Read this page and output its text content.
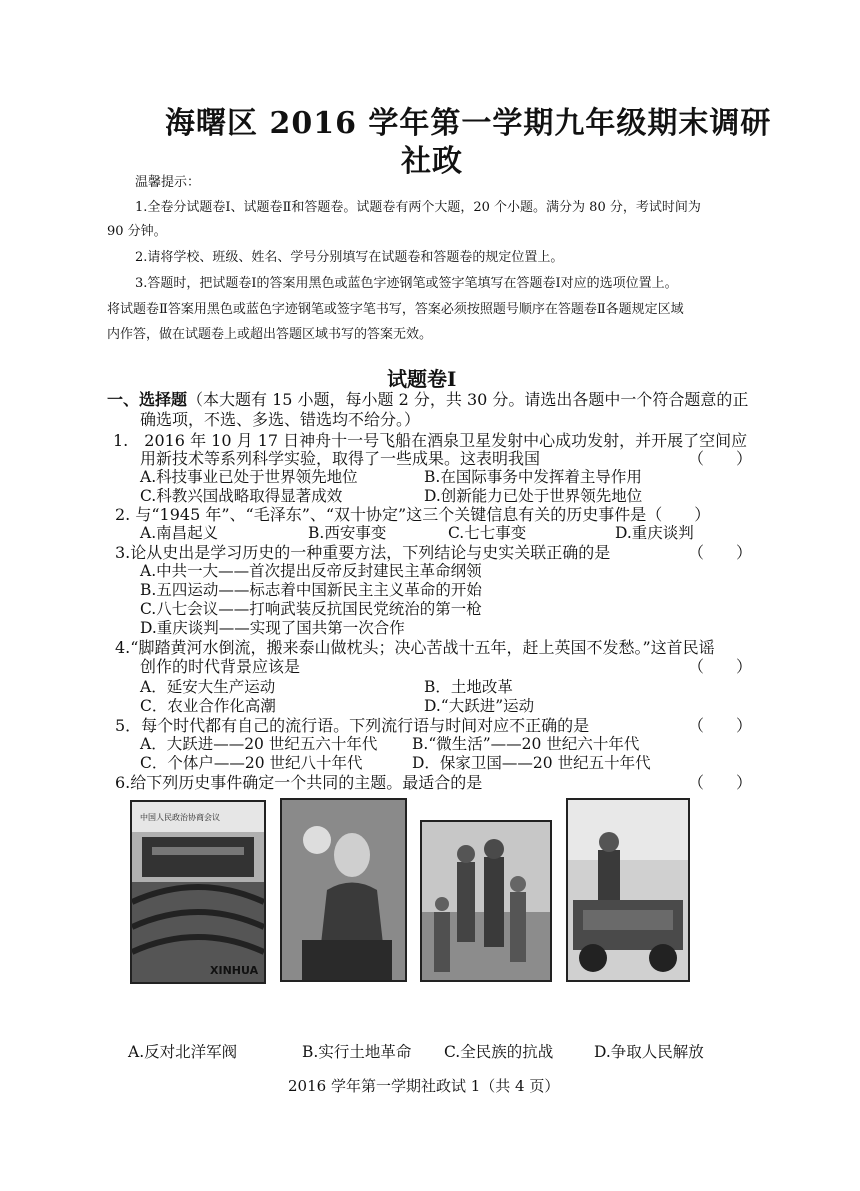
海曙区 2016 学年第一学期九年级期末调研
社政
温馨提示：
1.全卷分试题卷Ⅰ、试题卷Ⅱ和答题卷。试题卷有两个大题，20 个小题。满分为 80 分，考试时间为
90 分钟。
2.请将学校、班级、姓名、学号分别填写在试题卷和答题卷的规定位置上。
3.答题时，把试题卷Ⅰ的答案用黑色或蓝色字迹钢笔或签字笔填写在答题卷Ⅰ对应的选项位置上。
将试题卷Ⅱ答案用黑色或蓝色字迹钢笔或签字笔书写，答案必须按照题号顺序在答题卷Ⅱ各题规定区域
内作答，做在试题卷上或超出答题区域书写的答案无效。
试题卷Ⅰ
一、选择题（本大题有 15 小题，每小题 2 分，共 30 分。请选出各题中一个符合题意的正
确选项，不选、多选、错选均不给分。）
1.　2016 年 10 月 17 日神舟十一号飞船在酒泉卫星发射中心成功发射，并开展了空间应
用新技术等系列科学实验，取得了一些成果。这表明我国	（　　）
A.科技事业已处于世界领先地位	B.在国际事务中发挥着主导作用
C.科教兴国战略取得显著成效	D.创新能力已处于世界领先地位
2. 与“1945 年”、“毛泽东”、“双十协定”这三个关键信息有关的历史事件是（　　）
A.南昌起义	B.西安事变	C.七七事变	D.重庆谈判
3.论从史出是学习历史的一种重要方法，下列结论与史实关联正确的是	（　　）
A.中共一大——首次提出反帝反封建民主革命纲领
B.五四运动——标志着中国新民主主义革命的开始
C.八七会议——打响武装反抗国民党统治的第一枪
D.重庆谈判——实现了国共第一次合作
4.“脚踏黄河水倒流，搬来泰山做枕头；决心苦战十五年，赶上英国不发愁。”这首民谣
创作的时代背景应该是	（　　）
A．延安大生产运动	B．土地改革
C．农业合作化高潮	D.“大跃进”运动
5．每个时代都有自己的流行语。下列流行语与时间对应不正确的是	（　　）
A．大跃进——20 世纪五六十年代 B.“微生活”——20 世纪六十年代
C．个体户——20 世纪八十年代	D．保家卫国——20 世纪五十年代
6.给下列历史事件确定一个共同的主题。最适合的是	（　　）
中国人民政治协商会议
XINHUA
A.反对北洋军阀	B.实行土地革命 C.全民族的抗战	D.争取人民解放
2016 学年第一学期社政试 1（共 4 页）
